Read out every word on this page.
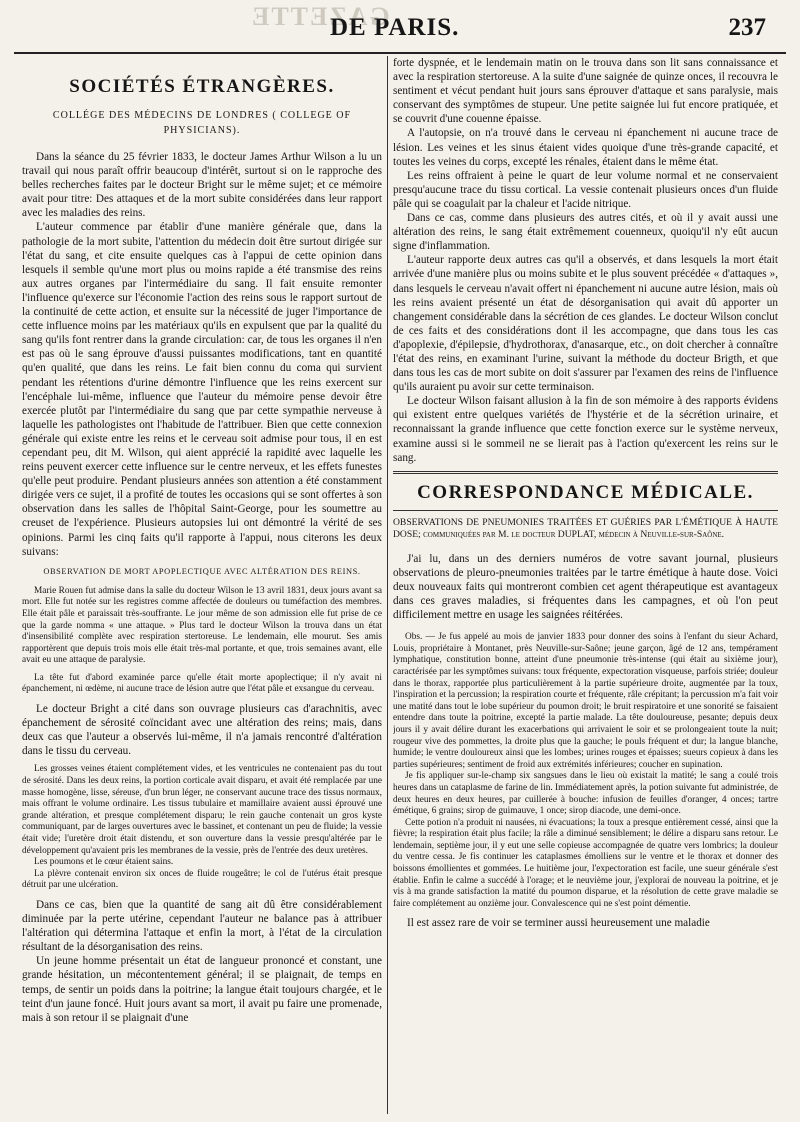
GAZETTE
DE PARIS.	237
SOCIÉTÉS ÉTRANGÈRES.
COLLÉGE DES MÉDECINS DE LONDRES ( COLLEGE OF PHYSICIANS).

Dans la séance du 25 février 1833, le docteur James Arthur Wilson a lu un travail qui nous paraît offrir beaucoup d'intérêt, surtout si on le rapproche des belles recherches faites par le docteur Bright sur le même sujet; et ce mémoire avait pour titre: Des attaques et de la mort subite considérées dans leur rapport avec les maladies des reins.

L'auteur commence par établir d'une manière générale que, dans la pathologie de la mort subite, l'attention du médecin doit être surtout dirigée sur l'état du sang, et cite ensuite quelques cas à l'appui de cette opinion dans lesquels il semble qu'une mort plus ou moins rapide a été transmise des reins aux autres organes par l'intermédiaire du sang. Il fait ensuite remonter l'influence qu'exerce sur l'économie l'action des reins sous le rapport surtout de la continuité de cette action, et ensuite sur la nécessité de juger l'importance de cette influence moins par les matériaux qu'ils en expulsent que par la qualité du sang qu'ils font rentrer dans la grande circulation: car, de tous les organes il n'en est pas où le sang éprouve d'aussi puissantes modifications, tant en quantité qu'en qualité, que dans les reins. Le fait bien connu du coma qui survient pendant les rétentions d'urine démontre l'influence que les reins exercent sur l'encéphale lui-même, influence que l'auteur du mémoire pense devoir être exercée plutôt par l'intermédiaire du sang que par cette sympathie nerveuse à laquelle les pathologistes ont l'habitude de l'attribuer. Bien que cette connexion générale qui existe entre les reins et le cerveau soit admise pour tous, il en est cependant peu, dit M. Wilson, qui aient apprécié la rapidité avec laquelle les reins peuvent exercer cette influence sur le centre nerveux, et les effets funestes qu'elle peut produire. Pendant plusieurs années son attention a été constamment dirigée vers ce sujet, il a profité de toutes les occasions qui se sont offertes à son observation dans les salles de l'hôpital Saint-George, pour les soumettre au creuset de l'expérience. Plusieurs autopsies lui ont démontré la vérité de ses opinions. Parmi les cinq faits qu'il rapporte à l'appui, nous citerons les deux suivans:

OBSERVATION DE MORT APOPLECTIQUE AVEC ALTÉRATION DES REINS.

Marie Rouen fut admise dans la salle du docteur Wilson le 13 avril 1831, deux jours avant sa mort. Elle fut notée sur les registres comme affectée de douleurs ou tuméfaction des membres. Elle était pâle et paraissait très-souffrante. Le jour même de son admission elle fut prise de ce que la garde nomma « une attaque. » Plus tard le docteur Wilson la trouva dans un état d'insensibilité complète avec respiration stertoreuse. Le lendemain, elle mourut. Ses amis rapportèrent que depuis trois mois elle était très-mal portante, et que, trois semaines avant, elle avait eu une attaque de paralysie.

La tête fut d'abord examinée parce qu'elle était morte apoplectique; il n'y avait ni épanchement, ni œdème, ni aucune trace de lésion autre que l'état pâle et exsangue du cerveau.

Le docteur Bright a cité dans son ouvrage plusieurs cas d'arachnitis, avec épanchement de sérosité coïncidant avec une altération des reins; mais, dans deux cas que l'auteur a observés lui-même, il n'a jamais rencontré d'altération dans le tissu du cerveau.

Les grosses veines étaient complétement vides, et les ventricules ne contenaient pas du tout de sérosité. Dans les deux reins, la portion corticale avait disparu, et avait été remplacée par une masse homogène, lisse, séreuse, d'un brun léger, ne conservant aucune trace des tissus normaux, mais offrant le volume ordinaire. Les tissus tubulaire et mamillaire avaient aussi éprouvé une grande altération, et presque complétement disparu; le rein gauche contenait un gros kyste communiquant, par de larges ouvertures avec le bassinet, et contenant un peu de fluide; la vessie était vide; l'uretère droit était distendu, et son ouverture dans la vessie presqu'altérée par le développement qu'avaient pris les membranes de la vessie, près de l'entrée des deux uretères.

Les poumons et le cœur étaient sains.

La plèvre contenait environ six onces de fluide rougeâtre; le col de l'utérus était presque détruit par une ulcération.

Dans ce cas, bien que la quantité de sang ait dû être considérablement diminuée par la perte utérine, cependant l'auteur ne balance pas à attribuer l'altération qui détermina l'attaque et enfin la mort, à l'état de la circulation résultant de la désorganisation des reins.

Un jeune homme présentait un état de langueur prononcé et constant, une grande hésitation, un mécontentement général; il se plaignait, de temps en temps, de sentir un poids dans la poitrine; la langue était toujours chargée, et le teint d'un jaune foncé. Huit jours avant sa mort, il avait pu faire une promenade, mais à son retour il se plaignait d'une

forte dyspnée, et le lendemain matin on le trouva dans son lit sans connaissance et avec la respiration stertoreuse. A la suite d'une saignée de quinze onces, il recouvra le sentiment et vécut pendant huit jours sans éprouver d'attaque et sans paralysie, mais conservant des symptômes de stupeur. Une petite saignée lui fut encore pratiquée, et se couvrit d'une couenne épaisse.

A l'autopsie, on n'a trouvé dans le cerveau ni épanchement ni aucune trace de lésion. Les veines et les sinus étaient vides quoique d'une très-grande capacité, et toutes les veines du corps, excepté les rénales, étaient dans le même état.

Les reins offraient à peine le quart de leur volume normal et ne conservaient presqu'aucune trace du tissu cortical. La vessie contenait plusieurs onces d'un fluide pâle qui se coagulait par la chaleur et l'acide nitrique.

Dans ce cas, comme dans plusieurs des autres cités, et où il y avait aussi une altération des reins, le sang était extrêmement couenneux, quoiqu'il n'y eût aucun signe d'inflammation.

L'auteur rapporte deux autres cas qu'il a observés, et dans lesquels la mort était arrivée d'une manière plus ou moins subite et le plus souvent précédée « d'attaques », dans lesquels le cerveau n'avait offert ni épanchement ni aucune autre lésion, mais où les reins avaient présenté un état de désorganisation qui avait dû apporter un changement considérable dans la sécrétion de ces glandes. Le docteur Wilson conclut de ces faits et des considérations dont il les accompagne, que dans tous les cas d'apoplexie, d'épilepsie, d'hydrothorax, d'anasarque, etc., on doit chercher à connaître l'état des reins, en examinant l'urine, suivant la méthode du docteur Brigth, et que dans tous les cas de mort subite on doit s'assurer par l'examen des reins de l'influence qu'ils auraient pu avoir sur cette terminaison.

Le docteur Wilson faisant allusion à la fin de son mémoire à des rapports évidens qui existent entre quelques variétés de l'hystérie et de la sécrétion urinaire, et reconnaissant la grande influence que cette fonction exerce sur le système nerveux, examine aussi si le sommeil ne se lierait pas à l'action qu'exercent les reins sur le sang.

CORRESPONDANCE MÉDICALE.
OBSERVATIONS DE PNEUMONIES TRAITÉES ET GUÉRIES PAR L'ÉMÉTIQUE À HAUTE DOSE; communiquées par M. le docteur DUPLAT, médecin à Neuville-sur-Saône.

J'ai lu, dans un des derniers numéros de votre savant journal, plusieurs observations de pleuro-pneumonies traitées par le tartre émétique à haute dose. Voici deux nouveaux faits qui montreront combien cet agent thérapeutique est avantageux dans ces graves maladies, si fréquentes dans les campagnes, et où l'on peut difficilement mettre en usage les saignées réitérées.

Obs. — Je fus appelé au mois de janvier 1833 pour donner des soins à l'enfant du sieur Achard, Louis, propriétaire à Montanet, près Neuville-sur-Saône; jeune garçon, âgé de 12 ans, tempérament lymphatique, constitution bonne, atteint d'une pneumonie très-intense (qui était au sixième jour), caractérisée par les symptômes suivans: toux fréquente, expectoration visqueuse, parfois striée; douleur dans le thorax, rapportée plus particulièrement à la partie supérieure droite, augmentée par la toux, l'inspiration et la percussion; la respiration courte et fréquente, râle crépitant; la percussion m'a fait voir une matité dans tout le lobe supérieur du poumon droit; le bruit respiratoire et une sonorité se faisaient entendre dans toute la poitrine, excepté la partie malade. La tête douloureuse, pesante; depuis deux jours il y avait délire durant les exacerbations qui arrivaient le soir et se prolongeaient toute la nuit; rougeur vive des pommettes, la droite plus que la gauche; le pouls fréquent et dur; la langue blanche, humide; le ventre douloureux ainsi que les lombes; urines rouges et épaisses; sueurs copieux à dans les parties supérieures; sentiment de froid aux extrémités inférieures; coucher en supination.

Je fis appliquer sur-le-champ six sangsues dans le lieu où existait la matité; le sang a coulé trois heures dans un cataplasme de farine de lin. Immédiatement après, la potion suivante fut administrée, de deux heures en deux heures, par cuillerée à bouche: infusion de feuilles d'oranger, 4 onces; tartre émétique, 6 grains; sirop de guimauve, 1 once; sirop diacode, une demi-once.

Cette potion n'a produit ni nausées, ni évacuations; la toux a presque entièrement cessé, ainsi que la fièvre; la respiration était plus facile; la râle a diminué sensiblement; le délire a disparu sans retour. Le lendemain, septième jour, il y eut une selle copieuse accompagnée de quatre vers lombrics; la douleur du ventre cessa. Je fis continuer les cataplasmes émolliens sur le ventre et le thorax et donner des boissons émollientes et gommées. Le huitième jour, l'expectoration est facile, une sueur générale s'est établie. Enfin le calme a succédé à l'orage; et le neuvième jour, j'explorai de nouveau la poitrine, et je vis à ma grande satisfaction la matité du poumon disparue, et la résolution de cette grave maladie se faire complétement au onzième jour. Convalescence qui ne s'est point démentie.

Il est assez rare de voir se terminer aussi heureusement une maladie
